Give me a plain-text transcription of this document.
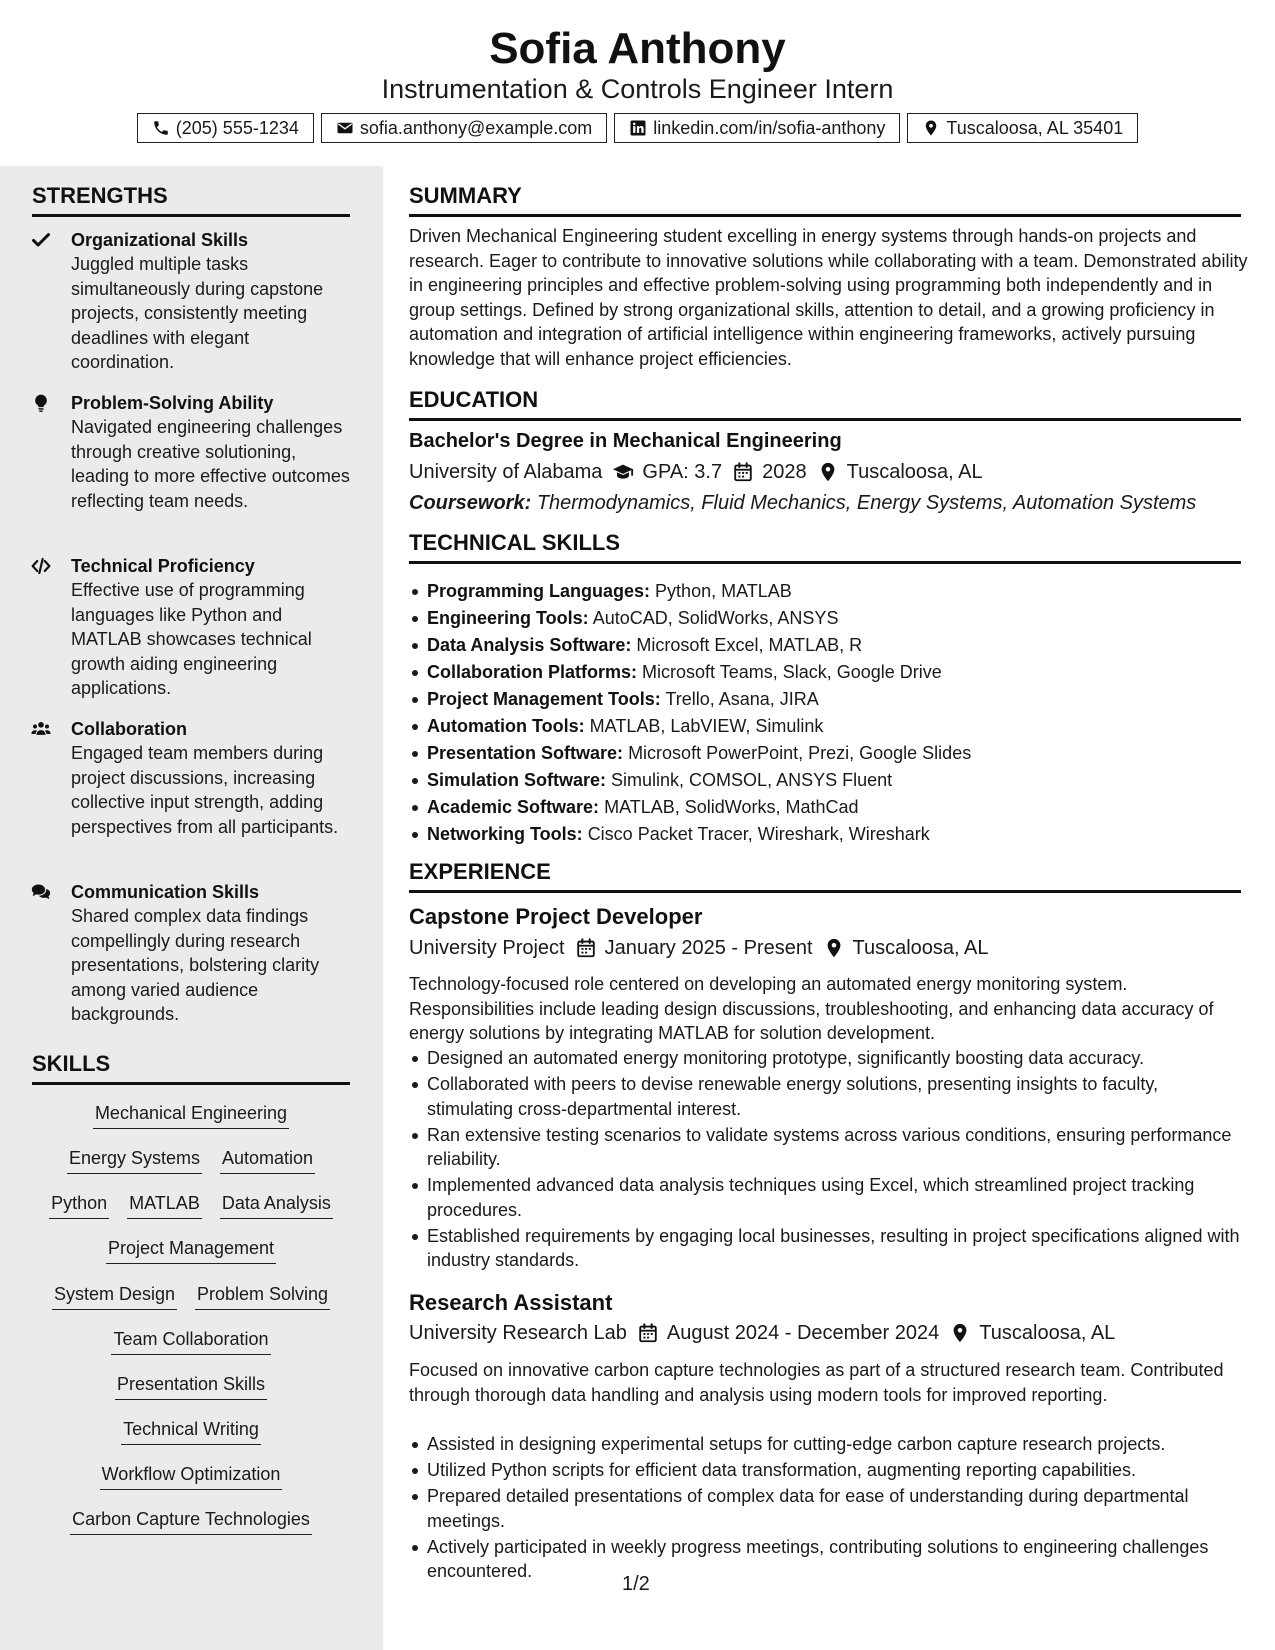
Sofia Anthony
Instrumentation & Controls Engineer Intern
(205) 555-1234	sofia.anthony@example.com	linkedin.com/in/sofia-anthony	Tuscaloosa, AL 35401
STRENGTHS
Organizational Skills
Juggled multiple tasks simultaneously during capstone projects, consistently meeting deadlines with elegant coordination.
Problem-Solving Ability
Navigated engineering challenges through creative solutioning, leading to more effective outcomes reflecting team needs.
Technical Proficiency
Effective use of programming languages like Python and MATLAB showcases technical growth aiding engineering applications.
Collaboration
Engaged team members during project discussions, increasing collective input strength, adding perspectives from all participants.
Communication Skills
Shared complex data findings compellingly during research presentations, bolstering clarity among varied audience backgrounds.
SKILLS
Mechanical Engineering
Energy Systems Automation
Python MATLAB Data Analysis
Project Management
System Design Problem Solving
Team Collaboration
Presentation Skills
Technical Writing
Workflow Optimization
Carbon Capture Technologies
SUMMARY
Driven Mechanical Engineering student excelling in energy systems through hands-on projects and research. Eager to contribute to innovative solutions while collaborating with a team. Demonstrated ability in engineering principles and effective problem-solving using programming both independently and in group settings. Defined by strong organizational skills, attention to detail, and a growing proficiency in automation and integration of artificial intelligence within engineering frameworks, actively pursuing knowledge that will enhance project efficiencies.
EDUCATION
Bachelor's Degree in Mechanical Engineering
University of Alabama GPA: 3.7 2028 Tuscaloosa, AL
Coursework: Thermodynamics, Fluid Mechanics, Energy Systems, Automation Systems
TECHNICAL SKILLS
Programming Languages: Python, MATLAB
Engineering Tools: AutoCAD, SolidWorks, ANSYS
Data Analysis Software: Microsoft Excel, MATLAB, R
Collaboration Platforms: Microsoft Teams, Slack, Google Drive
Project Management Tools: Trello, Asana, JIRA
Automation Tools: MATLAB, LabVIEW, Simulink
Presentation Software: Microsoft PowerPoint, Prezi, Google Slides
Simulation Software: Simulink, COMSOL, ANSYS Fluent
Academic Software: MATLAB, SolidWorks, MathCad
Networking Tools: Cisco Packet Tracer, Wireshark, Wireshark
EXPERIENCE
Capstone Project Developer
University Project January 2025 - Present Tuscaloosa, AL
Technology-focused role centered on developing an automated energy monitoring system. Responsibilities include leading design discussions, troubleshooting, and enhancing data accuracy of energy solutions by integrating MATLAB for solution development.
Designed an automated energy monitoring prototype, significantly boosting data accuracy.
Collaborated with peers to devise renewable energy solutions, presenting insights to faculty, stimulating cross-departmental interest.
Ran extensive testing scenarios to validate systems across various conditions, ensuring performance reliability.
Implemented advanced data analysis techniques using Excel, which streamlined project tracking procedures.
Established requirements by engaging local businesses, resulting in project specifications aligned with industry standards.
Research Assistant
University Research Lab August 2024 - December 2024 Tuscaloosa, AL
Focused on innovative carbon capture technologies as part of a structured research team. Contributed through thorough data handling and analysis using modern tools for improved reporting.
Assisted in designing experimental setups for cutting-edge carbon capture research projects.
Utilized Python scripts for efficient data transformation, augmenting reporting capabilities.
Prepared detailed presentations of complex data for ease of understanding during departmental meetings.
Actively participated in weekly progress meetings, contributing solutions to engineering challenges encountered.
1/2
